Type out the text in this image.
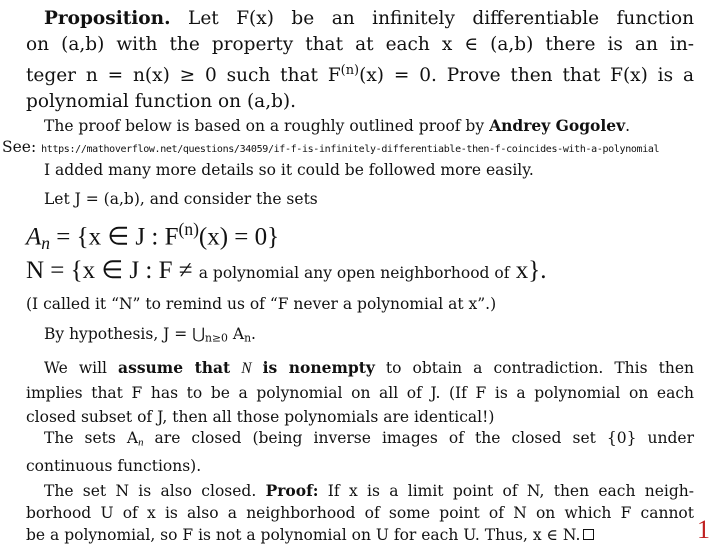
Proposition. Let F(x) be an infinitely differentiable function
on (a,b) with the property that at each x ∈ (a,b) there is an in-
teger n = n(x) ≥ 0 such that $F^{(n)}(x) = 0$. Prove then that F(x) is a
polynomial function on (a,b).
The proof below is based on a roughly outlined proof by Andrey Gogolev.
See: https://mathoverflow.net/questions/34059/if-f-is-infinitely-differentiable-then-f-coincides-with-a-polynomial
I added many more details so it could be followed more easily.
Let J = (a,b), and consider the sets
$A_n = \{x$ ∈ J : $F^{(n)}(x) = 0$}
N = {x ∈ J : F ≠ a polynomial any open neighborhood of x}.
(I called it “N” to remind us of “F never a polynomial at x”.)
By hypothesis, $J = ⋃_{n\ge 0}$ $A_n$.
We will assume that N is nonempty to obtain a contradiction. This then
implies that F has to be a polynomial on all of J. (If F is a polynomial on each
closed subset of J, then all those polynomials are identical!)
The sets $A_n$ are closed (being inverse images of the closed set {0} under
continuous functions).
The set N is also closed. Proof: If x is a limit point of N, then each neigh-
borhood U of x is also a neighborhood of some point of N on which F cannot
be a polynomial, so F is not a polynomial on U for each U. Thus, x ∈ N.	1
